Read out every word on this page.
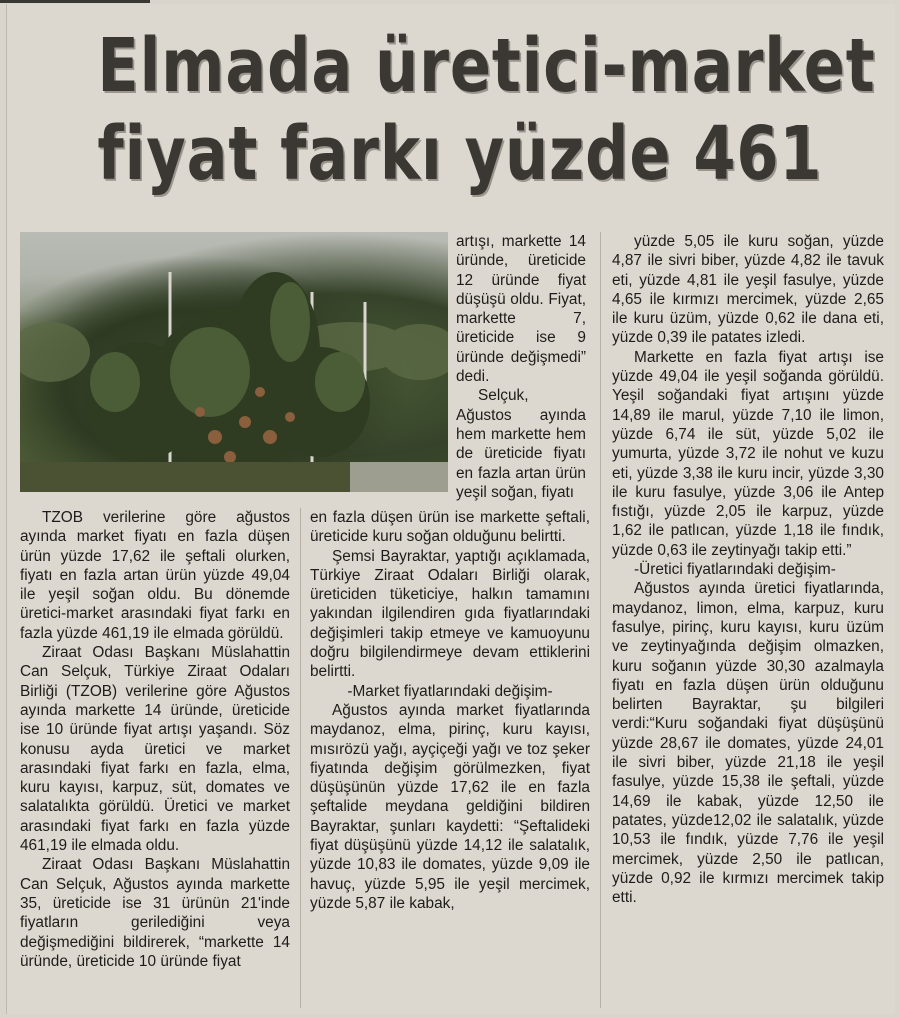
Elmada üretici-market
fiyat farkı yüzde 461

TZOB verilerine göre ağustos ayında market fiyatı en fazla düşen ürün yüzde 17,62 ile şeftali olurken, fiyatı en fazla artan ürün yüzde 49,04 ile yeşil soğan oldu. Bu dönemde üretici-market arasındaki fiyat farkı en fazla yüzde 461,19 ile elmada görüldü.

Ziraat Odası Başkanı Müslahattin Can Selçuk, Türkiye Ziraat Odaları Birliği (TZOB) verilerine göre Ağustos ayında markette 14 üründe, üreticide ise 10 üründe fiyat artışı yaşandı. Söz konusu ayda üretici ve market arasındaki fiyat farkı en fazla, elma, kuru kayısı, karpuz, süt, domates ve salatalıkta görüldü. Üretici ve market arasındaki fiyat farkı en fazla yüzde 461,19 ile elmada oldu.

Ziraat Odası Başkanı Müslahattin Can Selçuk, Ağustos ayında markette 35, üreticide ise 31 ürünün 21'inde fiyatların gerilediğini veya değişmediğini bildirerek, “markette 14 üründe, üreticide 10 üründe fiyat

artışı, markette 14 üründe, üreticide 12 üründe fiyat düşüşü oldu. Fiyat, markette 7, üreticide ise 9 üründe değişmedi” dedi.

Selçuk, Ağustos ayında hem markette hem de üreticide fiyatı en fazla artan ürün yeşil soğan, fiyatı

en fazla düşen ürün ise markette şeftali, üreticide kuru soğan olduğunu belirtti.

Şemsi Bayraktar, yaptığı açıklamada, Türkiye Ziraat Odaları Birliği olarak, üreticiden tüketiciye, halkın tamamını yakından ilgilendiren gıda fiyatlarındaki değişimleri takip etmeye ve kamuoyunu doğru bilgilendirmeye devam ettiklerini belirtti.

-Market fiyatlarındaki değişim-

Ağustos ayında market fiyatlarında maydanoz, elma, pirinç, kuru kayısı, mısırözü yağı, ayçiçeği yağı ve toz şeker fiyatında değişim görülmezken, fiyat düşüşünün yüzde 17,62 ile en fazla şeftalide meydana geldiğini bildiren Bayraktar, şunları kaydetti: “Şeftalideki fiyat düşüşünü yüzde 14,12 ile salatalık, yüzde 10,83 ile domates, yüzde 9,09 ile havuç, yüzde 5,95 ile yeşil mercimek, yüzde 5,87 ile kabak,

yüzde 5,05 ile kuru soğan, yüzde 4,87 ile sivri biber, yüzde 4,82 ile tavuk eti, yüzde 4,81 ile yeşil fasulye, yüzde 4,65 ile kırmızı mercimek, yüzde 2,65 ile kuru üzüm, yüzde 0,62 ile dana eti, yüzde 0,39 ile patates izledi.

Markette en fazla fiyat artışı ise yüzde 49,04 ile yeşil soğanda görüldü. Yeşil soğandaki fiyat artışını yüzde 14,89 ile marul, yüzde 7,10 ile limon, yüzde 6,74 ile süt, yüzde 5,02 ile yumurta, yüzde 3,72 ile nohut ve kuzu eti, yüzde 3,38 ile kuru incir, yüzde 3,30 ile kuru fasulye, yüzde 3,06 ile Antep fıstığı, yüzde 2,05 ile karpuz, yüzde 1,62 ile patlıcan, yüzde 1,18 ile fındık, yüzde 0,63 ile zeytinyağı takip etti.”

-Üretici fiyatlarındaki değişim-

Ağustos ayında üretici fiyatlarında, maydanoz, limon, elma, karpuz, kuru fasulye, pirinç, kuru kayısı, kuru üzüm ve zeytinyağında değişim olmazken, kuru soğanın yüzde 30,30 azalmayla fiyatı en fazla düşen ürün olduğunu belirten Bayraktar, şu bilgileri verdi:“Kuru soğandaki fiyat düşüşünü yüzde 28,67 ile domates, yüzde 24,01 ile sivri biber, yüzde 21,18 ile yeşil fasulye, yüzde 15,38 ile şeftali, yüzde 14,69 ile kabak, yüzde 12,50 ile patates, yüzde12,02 ile salatalık, yüzde 10,53 ile fındık, yüzde 7,76 ile yeşil mercimek, yüzde 2,50 ile patlıcan, yüzde 0,92 ile kırmızı mercimek takip etti.
